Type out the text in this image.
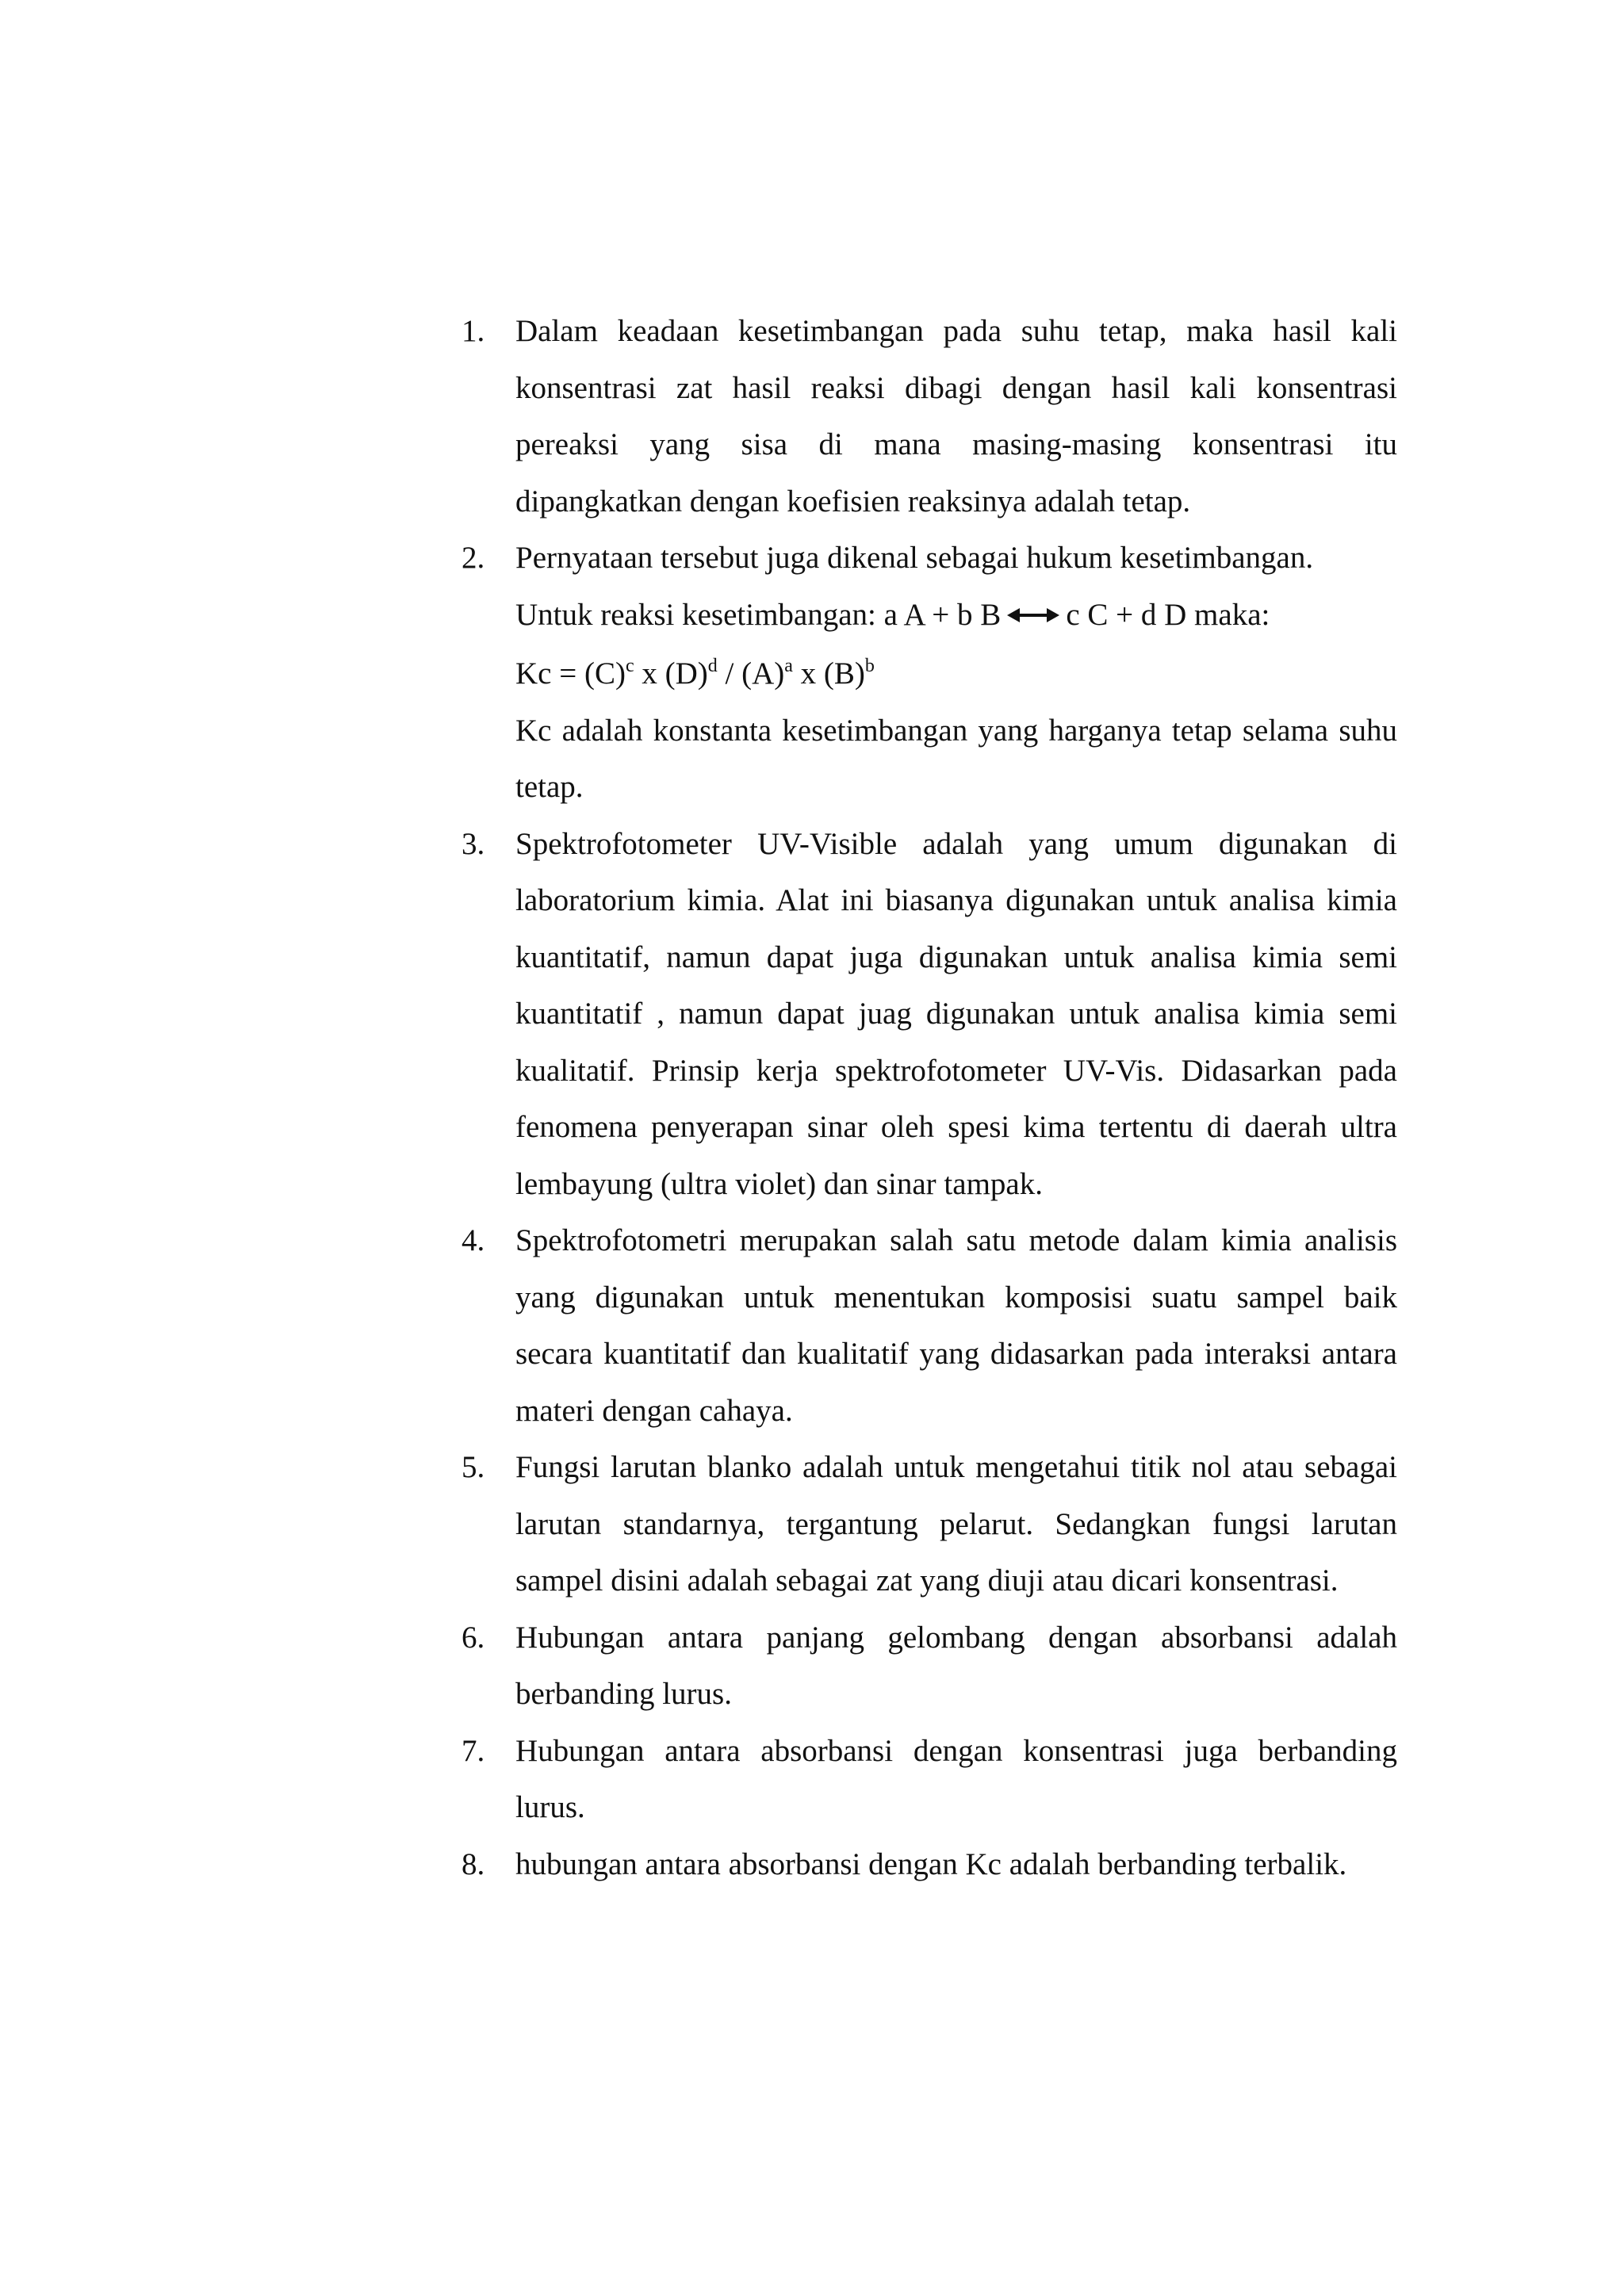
1. Dalam keadaan kesetimbangan pada suhu tetap, maka hasil kali konsentrasi zat hasil reaksi dibagi dengan hasil kali konsentrasi pereaksi yang sisa di mana masing-masing konsentrasi itu dipangkatkan dengan koefisien reaksinya adalah tetap.
2. Pernyataan tersebut juga dikenal sebagai hukum kesetimbangan.
Untuk reaksi kesetimbangan: a A + b B c C + d D maka:
$Kc = (C)^c$ x $(D)^d / (A)^a$ x $(B)^b$
Kc adalah konstanta kesetimbangan yang harganya tetap selama suhu tetap.
3. Spektrofotometer UV-Visible adalah yang umum digunakan di laboratorium kimia. Alat ini biasanya digunakan untuk analisa kimia kuantitatif, namun dapat juga digunakan untuk analisa kimia semi kuantitatif , namun dapat juag digunakan untuk analisa kimia semi kualitatif. Prinsip kerja spektrofotometer UV-Vis. Didasarkan pada fenomena penyerapan sinar oleh spesi kima tertentu di daerah ultra lembayung (ultra violet) dan sinar tampak.
4. Spektrofotometri merupakan salah satu metode dalam kimia analisis yang digunakan untuk menentukan komposisi suatu sampel baik secara kuantitatif dan kualitatif yang didasarkan pada interaksi antara materi dengan cahaya.
5. Fungsi larutan blanko adalah untuk mengetahui titik nol atau sebagai larutan standarnya, tergantung pelarut. Sedangkan fungsi larutan sampel disini adalah sebagai zat yang diuji atau dicari konsentrasi.
6. Hubungan antara panjang gelombang dengan absorbansi adalah berbanding lurus.
7. Hubungan antara absorbansi dengan konsentrasi juga berbanding lurus.
8. hubungan antara absorbansi dengan Kc adalah berbanding terbalik.
